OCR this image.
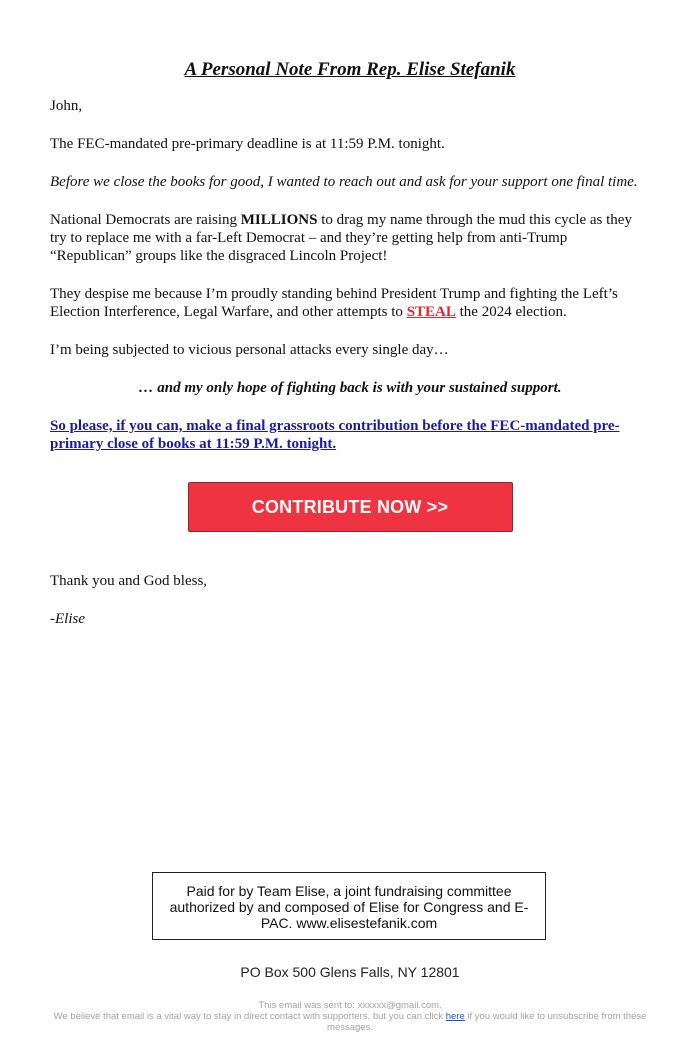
A Personal Note From Rep. Elise Stefanik

John,

The FEC-mandated pre-primary deadline is at 11:59 P.M. tonight.

Before we close the books for good, I wanted to reach out and ask for your support one final time.

National Democrats are raising MILLIONS to drag my name through the mud this cycle as they try to replace me with a far-Left Democrat – and they’re getting help from anti-Trump “Republican” groups like the disgraced Lincoln Project!

They despise me because I’m proudly standing behind President Trump and fighting the Left’s Election Interference, Legal Warfare, and other attempts to STEAL the 2024 election.

I’m being subjected to vicious personal attacks every single day…

… and my only hope of fighting back is with your sustained support.

So please, if you can, make a final grassroots contribution before the FEC-mandated pre-primary close of books at 11:59 P.M. tonight.

CONTRIBUTE NOW >>

Thank you and God bless,

-Elise

Paid for by Team Elise, a joint fundraising committee authorized by and composed of Elise for Congress and E-PAC. www.elisestefanik.com
PO Box 500 Glens Falls, NY 12801
This email was sent to: xxxxxx@gmail.com.
We believe that email is a vital way to stay in direct contact with supporters, but you can click here if you would like to unsubscribe from these messages.
